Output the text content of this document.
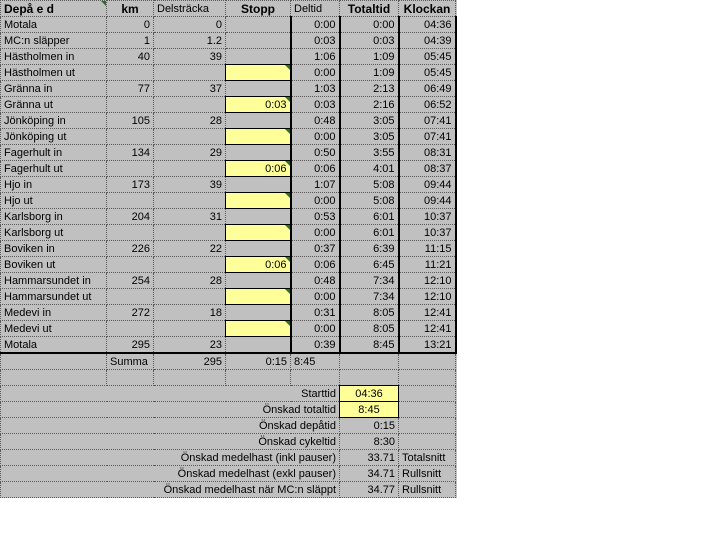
Depå e d	km	Delsträcka	Stopp	Deltid	Totaltid	Klockan
Motala	0	0		0:00	0:00	04:36
MC:n släpper	1	1.2		0:03	0:03	04:39
Hästholmen in	40	39		1:06	1:09	05:45
Hästholmen ut				0:00	1:09	05:45
Gränna in	77	37		1:03	2:13	06:49
Gränna ut			0:03	0:03	2:16	06:52
Jönköping in	105	28		0:48	3:05	07:41
Jönköping ut				0:00	3:05	07:41
Fagerhult in	134	29		0:50	3:55	08:31
Fagerhult ut			0:06	0:06	4:01	08:37
Hjo in	173	39		1:07	5:08	09:44
Hjo ut				0:00	5:08	09:44
Karlsborg in	204	31		0:53	6:01	10:37
Karlsborg ut				0:00	6:01	10:37
Boviken in	226	22		0:37	6:39	11:15
Boviken ut			0:06	0:06	6:45	11:21
Hammarsundet in	254	28		0:48	7:34	12:10
Hammarsundet ut				0:00	7:34	12:10
Medevi in	272	18		0:31	8:05	12:41
Medevi ut				0:00	8:05	12:41
Motala	295	23		0:39	8:45	13:21
	Summa	295	0:15	8:45		

Starttid					04:36	
Önskad totaltid					8:45	
Önskad depåtid					0:15	
Önskad cykeltid					8:30	
Önskad medelhast (inkl pauser)					33.71	Totalsnitt
Önskad medelhast (exkl pauser)					34.71	Rullsnitt
Önskad medelhast när MC:n släppt					34.77	Rullsnitt
